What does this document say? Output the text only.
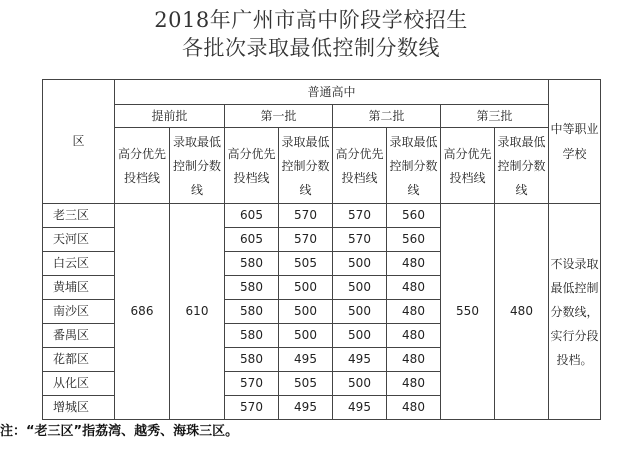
2018年广州市高中阶段学校招生
各批次录取最低控制分数线
区	普通高中								中等职业学校
	提前批		第一批		第二批		第三批		
	高分优先投档线	录取最低控制分数线	高分优先投档线	录取最低控制分数线	高分优先投档线	录取最低控制分数线	高分优先投档线	录取最低控制分数线	
老三区	686	610	605	570	570	560	550	480	不设录取最低控制分数线，实行分段投档。
天河区			605	570	570	560			
白云区			580	505	500	480			
黄埔区			580	500	500	480			
南沙区			580	500	500	480			
番禺区			580	500	500	480			
花都区			580	495	495	480			
从化区			570	505	500	480			
增城区			570	495	495	480			
注：“老三区”指荔湾、越秀、海珠三区。
